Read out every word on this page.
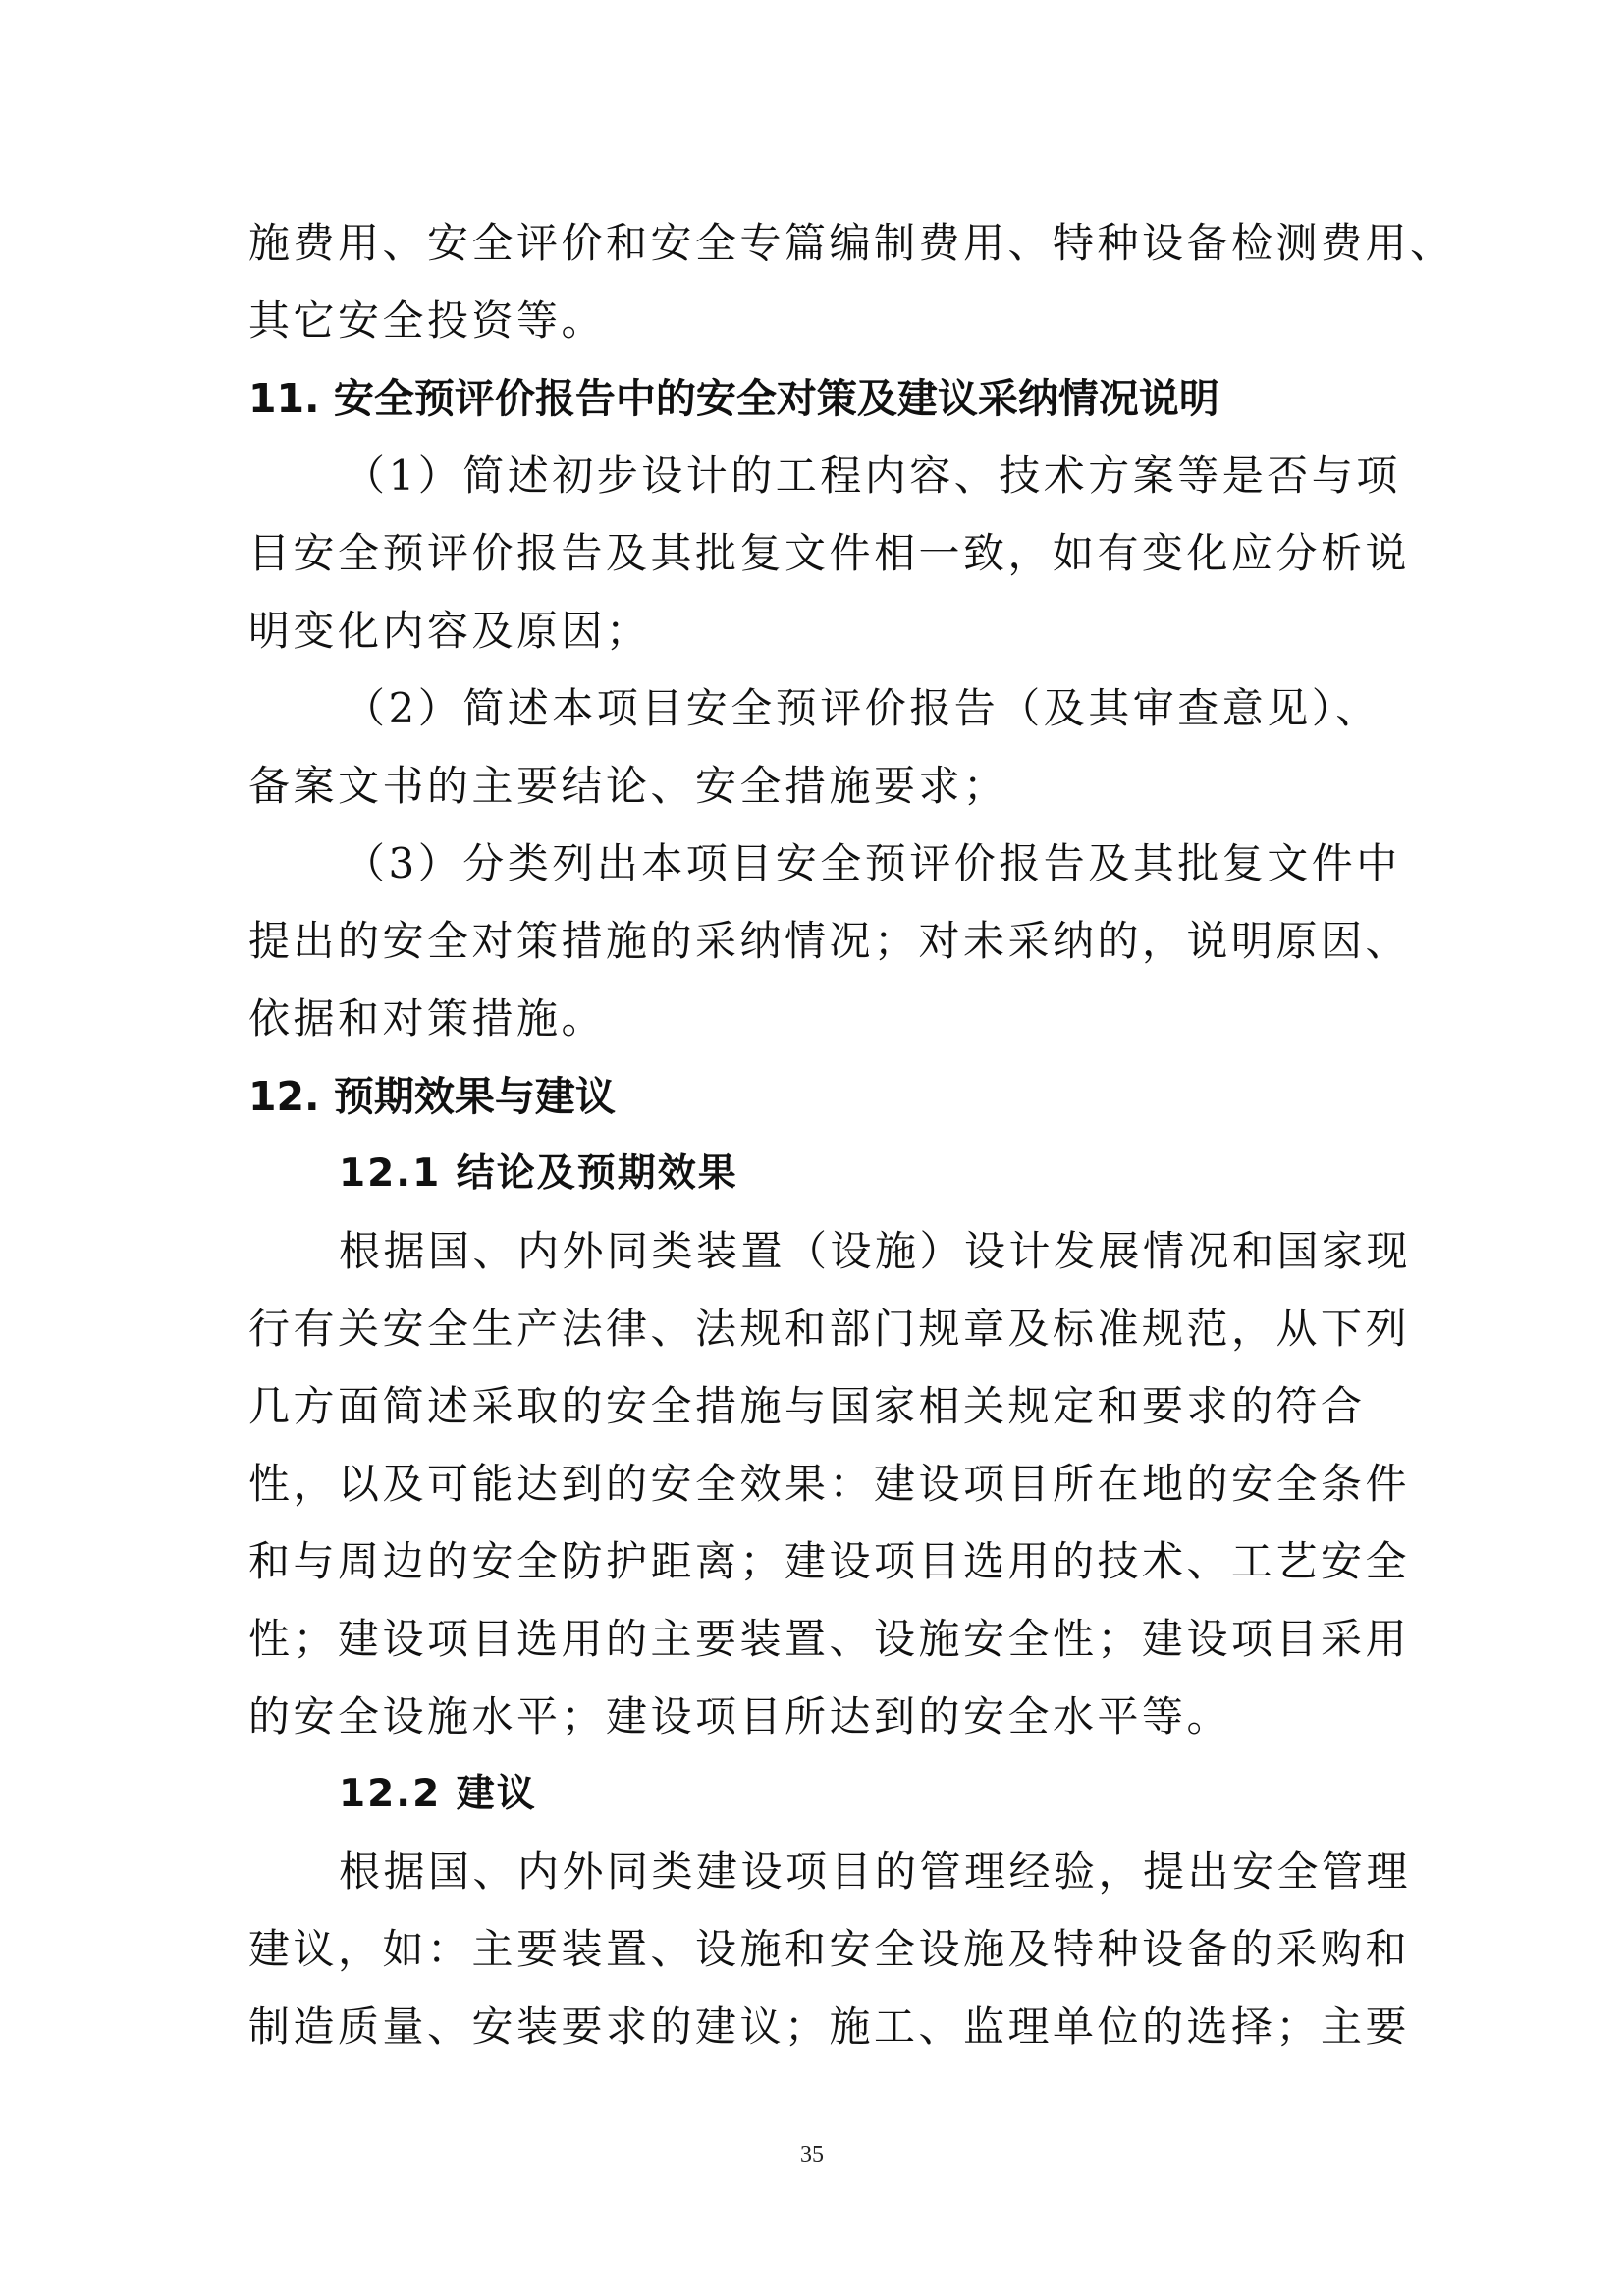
施费用、安全评价和安全专篇编制费用、特种设备检测费用、
其它安全投资等。
11. 安全预评价报告中的安全对策及建议采纳情况说明
（1）简述初步设计的工程内容、技术方案等是否与项
目安全预评价报告及其批复文件相一致，如有变化应分析说
明变化内容及原因；
（2）简述本项目安全预评价报告（及其审查意见）、
备案文书的主要结论、安全措施要求；
（3）分类列出本项目安全预评价报告及其批复文件中
提出的安全对策措施的采纳情况；对未采纳的，说明原因、
依据和对策措施。
12. 预期效果与建议
12.1 结论及预期效果
根据国、内外同类装置（设施）设计发展情况和国家现
行有关安全生产法律、法规和部门规章及标准规范，从下列
几方面简述采取的安全措施与国家相关规定和要求的符合
性，以及可能达到的安全效果：建设项目所在地的安全条件
和与周边的安全防护距离；建设项目选用的技术、工艺安全
性；建设项目选用的主要装置、设施安全性；建设项目采用
的安全设施水平；建设项目所达到的安全水平等。
12.2 建议
根据国、内外同类建设项目的管理经验，提出安全管理
建议，如：主要装置、设施和安全设施及特种设备的采购和
制造质量、安装要求的建议；施工、监理单位的选择；主要
35
